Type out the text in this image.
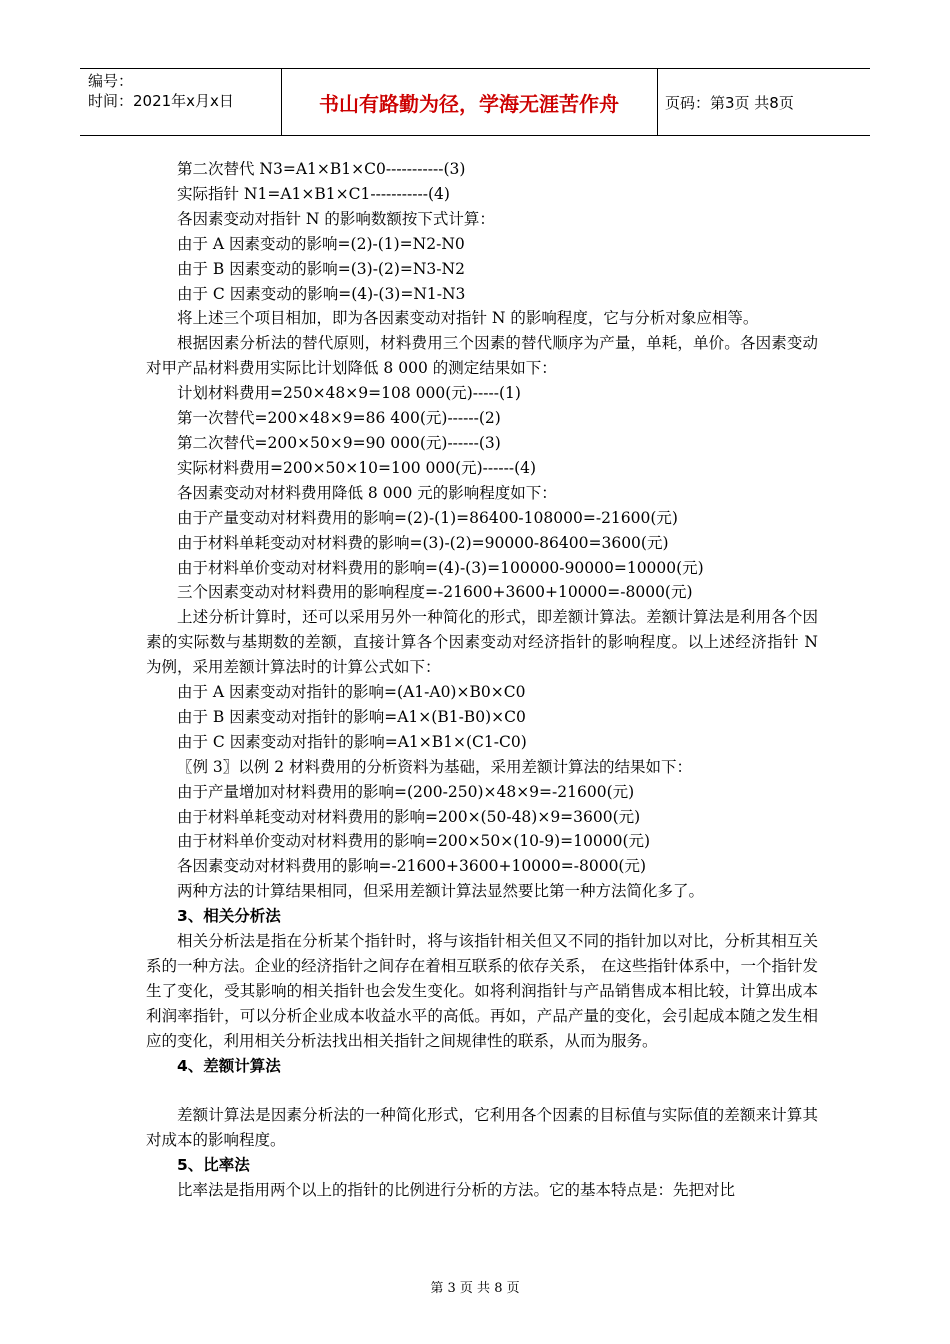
编号：
时间：2021年x月x日	书山有路勤为径，学海无涯苦作舟	页码：第3页 共8页

第二次替代 N3=A1×B1×C0-----------(3)

实际指针 N1=A1×B1×C1-----------(4)

各因素变动对指针 N 的影响数额按下式计算：

由于 A 因素变动的影响=(2)-(1)=N2-N0

由于 B 因素变动的影响=(3)-(2)=N3-N2

由于 C 因素变动的影响=(4)-(3)=N1-N3

将上述三个项目相加，即为各因素变动对指针 N 的影响程度，它与分析对象应相等。

根据因素分析法的替代原则，材料费用三个因素的替代顺序为产量，单耗，单价。各因素变动对甲产品材料费用实际比计划降低 8 000 的测定结果如下：

计划材料费用=250×48×9=108 000(元)-----(1)

第一次替代=200×48×9=86 400(元)------(2)

第二次替代=200×50×9=90 000(元)------(3)

实际材料费用=200×50×10=100 000(元)------(4)

各因素变动对材料费用降低 8 000 元的影响程度如下：

由于产量变动对材料费用的影响=(2)-(1)=86400-108000=-21600(元)

由于材料单耗变动对材料费的影响=(3)-(2)=90000-86400=3600(元)

由于材料单价变动对材料费用的影响=(4)-(3)=100000-90000=10000(元)

三个因素变动对材料费用的影响程度=-21600+3600+10000=-8000(元)

上述分析计算时，还可以采用另外一种简化的形式，即差额计算法。差额计算法是利用各个因素的实际数与基期数的差额，直接计算各个因素变动对经济指针的影响程度。以上述经济指针 N 为例，采用差额计算法时的计算公式如下：

由于 A 因素变动对指针的影响=(A1-A0)×B0×C0

由于 B 因素变动对指针的影响=A1×(B1-B0)×C0

由于 C 因素变动对指针的影响=A1×B1×(C1-C0)

〖例 3〗以例 2 材料费用的分析资料为基础，采用差额计算法的结果如下：

由于产量增加对材料费用的影响=(200-250)×48×9=-21600(元)

由于材料单耗变动对材料费用的影响=200×(50-48)×9=3600(元)

由于材料单价变动对材料费用的影响=200×50×(10-9)=10000(元)

各因素变动对材料费用的影响=-21600+3600+10000=-8000(元)

两种方法的计算结果相同，但采用差额计算法显然要比第一种方法简化多了。

3、相关分析法

相关分析法是指在分析某个指针时，将与该指针相关但又不同的指针加以对比，分析其相互关系的一种方法。企业的经济指针之间存在着相互联系的依存关系， 在这些指针体系中，一个指针发生了变化，受其影响的相关指针也会发生变化。如将利润指针与产品销售成本相比较，计算出成本利润率指针，可以分析企业成本收益水平的高低。再如，产品产量的变化，会引起成本随之发生相应的变化，利用相关分析法找出相关指针之间规律性的联系，从而为服务。

4、差额计算法

差额计算法是因素分析法的一种简化形式，它利用各个因素的目标值与实际值的差额来计算其对成本的影响程度。

5、比率法

比率法是指用两个以上的指针的比例进行分析的方法。它的基本特点是：先把对比

第 3 页 共 8 页
